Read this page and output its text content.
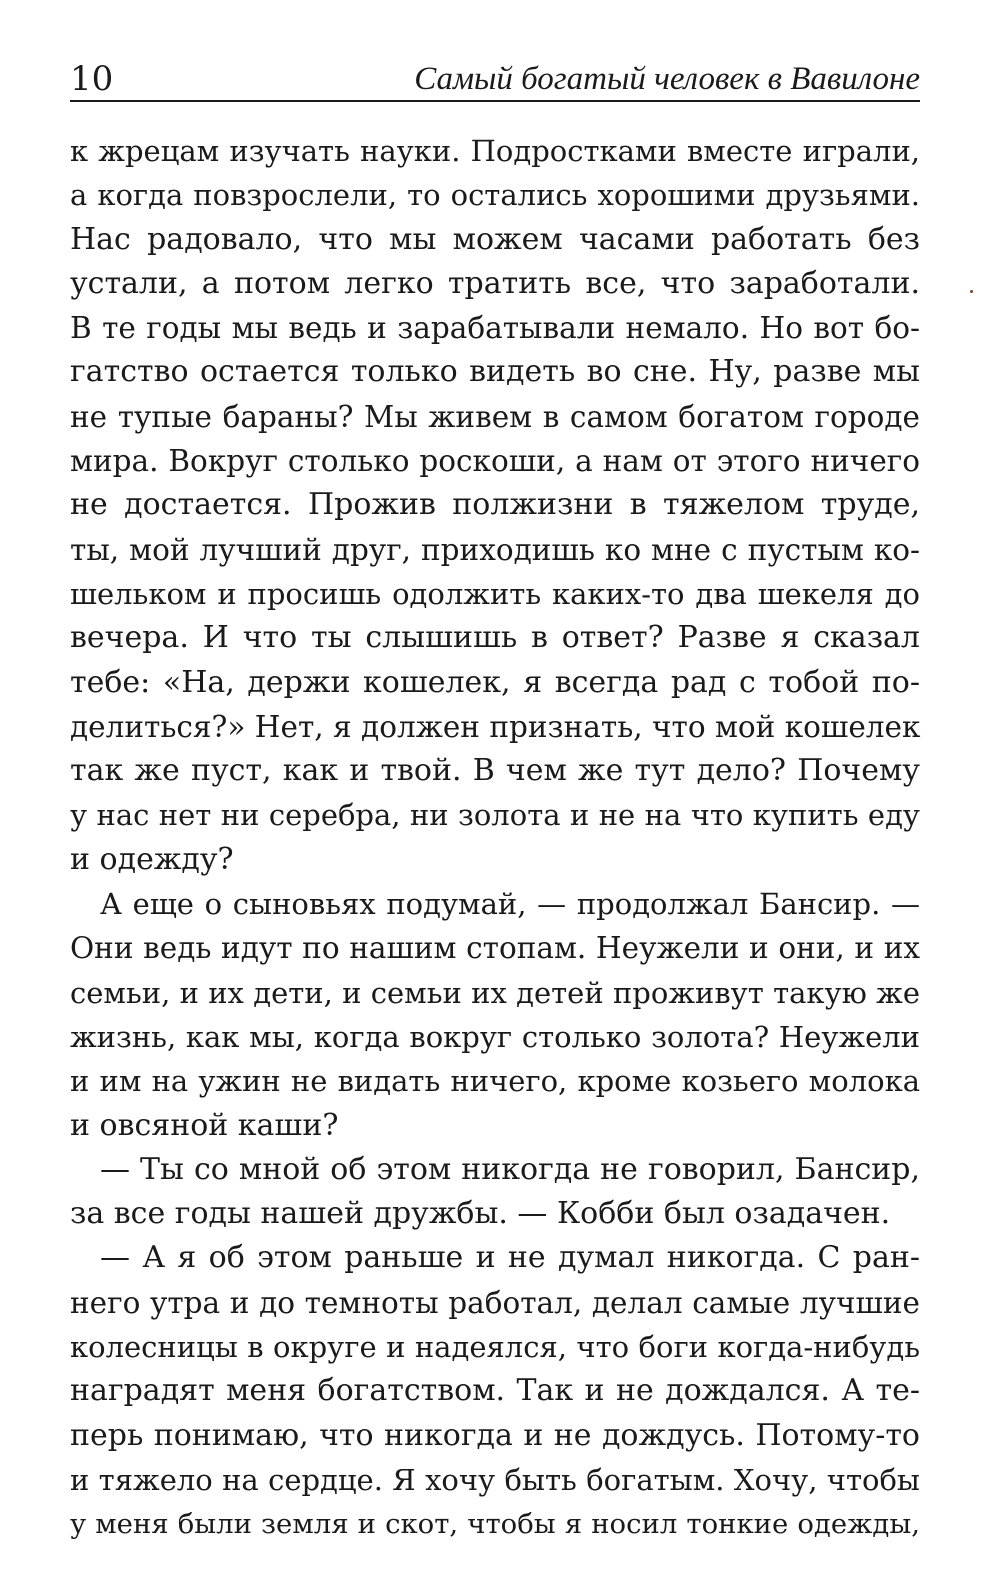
10	Самый богатый человек в Вавилоне
к жрецам изучать науки. Подростками вместе играли,
а когда повзрослели, то остались хорошими друзьями.
Нас радовало, что мы можем часами работать без
устали, а потом легко тратить все, что заработали.
В те годы мы ведь и зарабатывали немало. Но вот бо-
гатство остается только видеть во сне. Ну, разве мы
не тупые бараны? Мы живем в самом богатом городе
мира. Вокруг столько роскоши, а нам от этого ничего
не достается. Прожив полжизни в тяжелом труде,
ты, мой лучший друг, приходишь ко мне с пустым ко-
шельком и просишь одолжить каких-то два шекеля до
вечера. И что ты слышишь в ответ? Разве я сказал
тебе: «На, держи кошелек, я всегда рад с тобой по-
делиться?» Нет, я должен признать, что мой кошелек
так же пуст, как и твой. В чем же тут дело? Почему
у нас нет ни серебра, ни золота и не на что купить еду
и одежду?
А еще о сыновьях подумай, — продолжал Бансир. —
Они ведь идут по нашим стопам. Неужели и они, и их
семьи, и их дети, и семьи их детей проживут такую же
жизнь, как мы, когда вокруг столько золота? Неужели
и им на ужин не видать ничего, кроме козьего молока
и овсяной каши?
— Ты со мной об этом никогда не говорил, Бансир,
за все годы нашей дружбы. — Кобби был озадачен.
— А я об этом раньше и не думал никогда. С ран-
него утра и до темноты работал, делал самые лучшие
колесницы в округе и надеялся, что боги когда-нибудь
наградят меня богатством. Так и не дождался. А те-
перь понимаю, что никогда и не дождусь. Потому-то
и тяжело на сердце. Я хочу быть богатым. Хочу, чтобы
у меня были земля и скот, чтобы я носил тонкие одежды,
